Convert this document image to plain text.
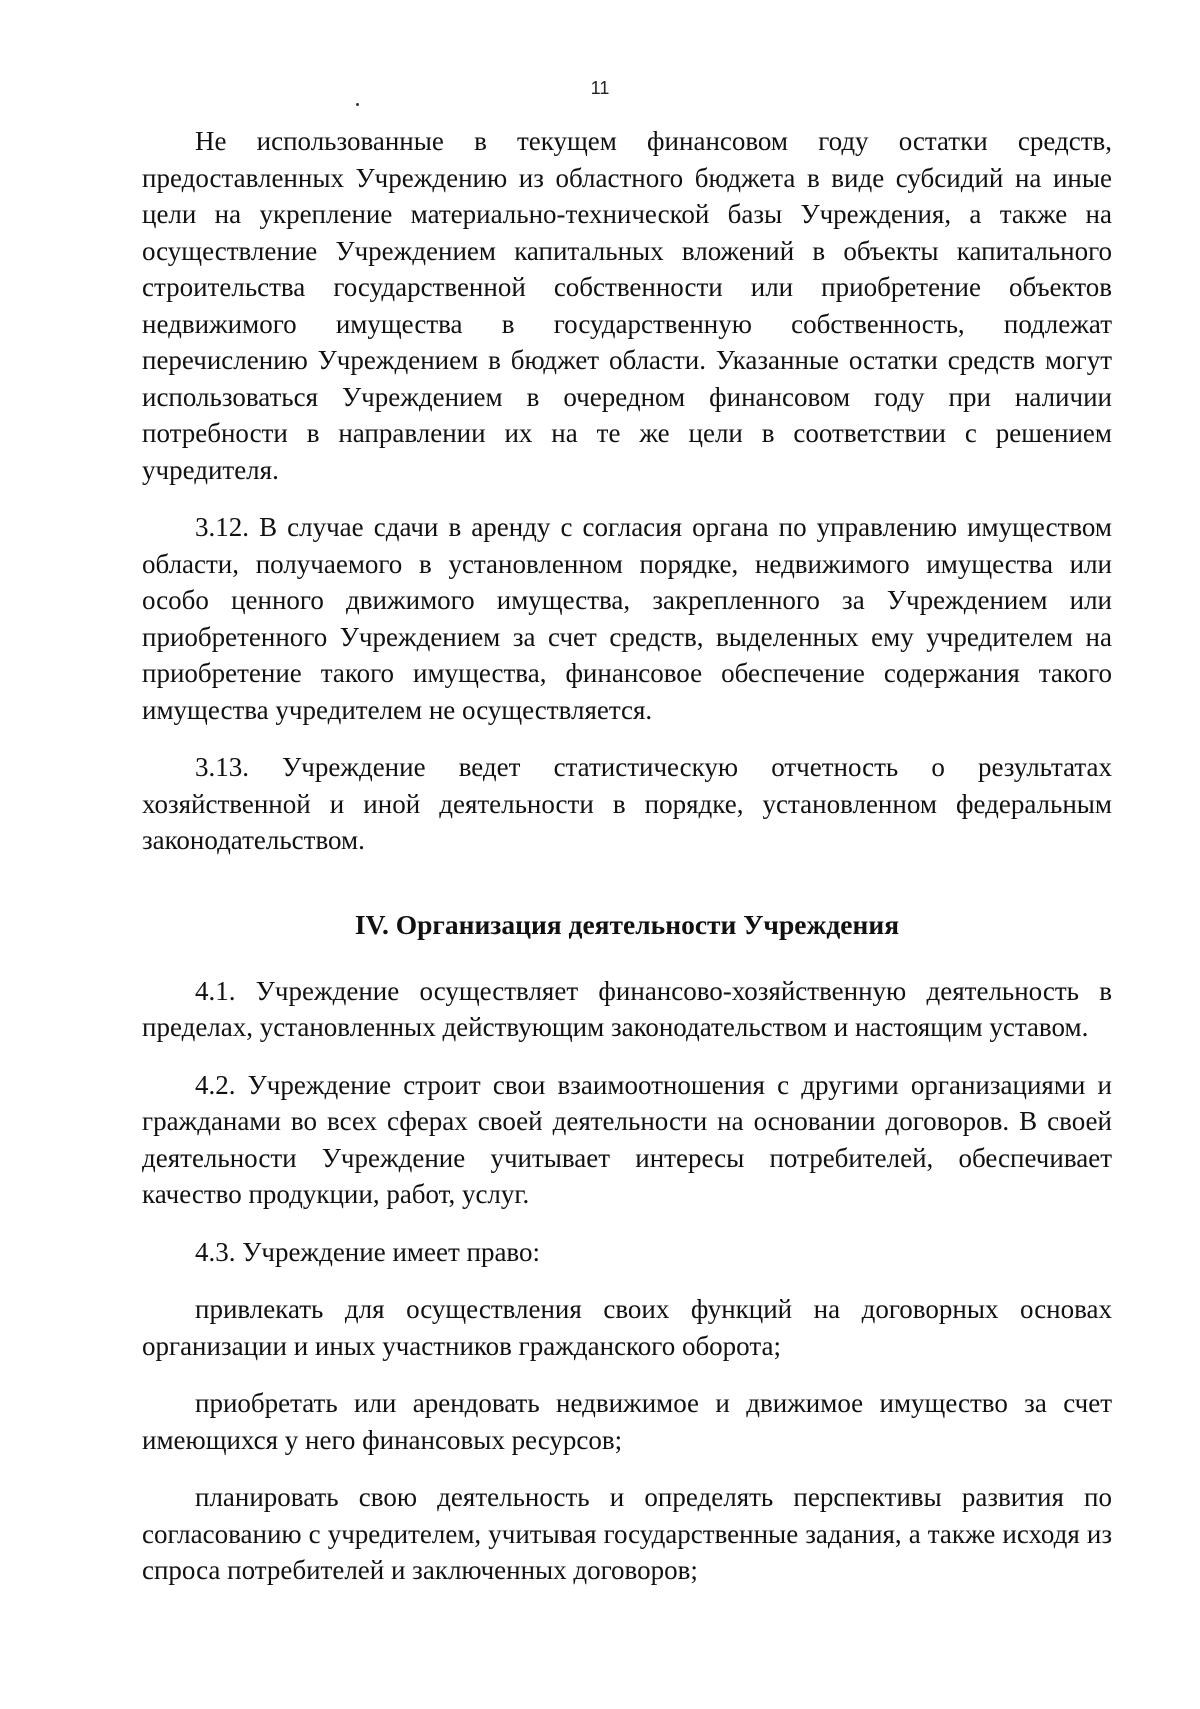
11

Не использованные в текущем финансовом году остатки средств, предоставленных Учреждению из областного бюджета в виде субсидий на иные цели на укрепление материально-технической базы Учреждения, а также на осуществление Учреждением капитальных вложений в объекты капитального строительства государственной собственности или приобретение объектов недвижимого имущества в государственную собственность, подлежат перечислению Учреждением в бюджет области. Указанные остатки средств могут использоваться Учреждением в очередном финансовом году при наличии потребности в направлении их на те же цели в соответствии с решением учредителя.

3.12. В случае сдачи в аренду с согласия органа по управлению имуществом области, получаемого в установленном порядке, недвижимого имущества или особо ценного движимого имущества, закрепленного за Учреждением или приобретенного Учреждением за счет средств, выделенных ему учредителем на приобретение такого имущества, финансовое обеспечение содержания такого имущества учредителем не осуществляется.

3.13. Учреждение ведет статистическую отчетность о результатах хозяйственной и иной деятельности в порядке, установленном федеральным законодательством.

IV. Организация деятельности Учреждения

4.1. Учреждение осуществляет финансово-хозяйственную деятельность в пределах, установленных действующим законодательством и настоящим уставом.

4.2. Учреждение строит свои взаимоотношения с другими организациями и гражданами во всех сферах своей деятельности на основании договоров. В своей деятельности Учреждение учитывает интересы потребителей, обеспечивает качество продукции, работ, услуг.

4.3. Учреждение имеет право:

привлекать для осуществления своих функций на договорных основах организации и иных участников гражданского оборота;

приобретать или арендовать недвижимое и движимое имущество за счет имеющихся у него финансовых ресурсов;

планировать свою деятельность и определять перспективы развития по согласованию с учредителем, учитывая государственные задания, а также исходя из спроса потребителей и заключенных договоров;
